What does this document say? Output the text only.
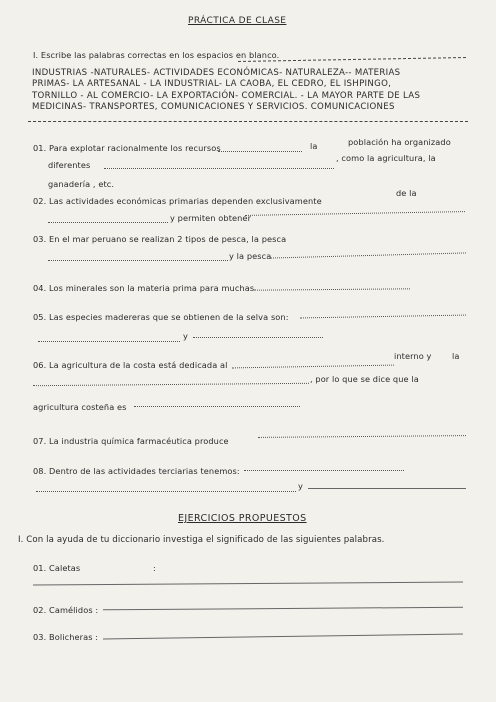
PRÁCTICA DE CLASE
I. Escribe las palabras correctas en los espacios en blanco.
INDUSTRIAS -NATURALES- ACTIVIDADES ECONÓMICAS- NATURALEZA-- MATERIAS
PRIMAS- LA ARTESANAL - LA INDUSTRIAL- LA CAOBA, EL CEDRO, EL ISHPINGO,
TORNILLO - AL COMERCIO- LA EXPORTACIÓN- COMERCIAL. - LA MAYOR PARTE DE LAS
MEDICINAS- TRANSPORTES, COMUNICACIONES Y SERVICIOS. COMUNICACIONES
01. Para explotar racionalmente los recursos	la	población ha organizado
diferentes
, como la agricultura, la
ganadería , etc.
02. Las actividades económicas primarias dependen exclusivamente
de la
y permiten obtener
03. En el mar peruano se realizan 2 tipos de pesca, la pesca
y la pesca
04. Los minerales son la materia prima para muchas
05. Las especies madereras que se obtienen de la selva son:
y
06. La agricultura de la costa está dedicada al
interno y	la
, por lo que se dice que la
agricultura costeña es
07. La industria química farmacéutica produce
08. Dentro de las actividades terciarias tenemos:
y
EJERCICIOS PROPUESTOS
I. Con la ayuda de tu diccionario investiga el significado de las siguientes palabras.
01. Caletas	:
02. Camélidos :
03. Bolicheras :
